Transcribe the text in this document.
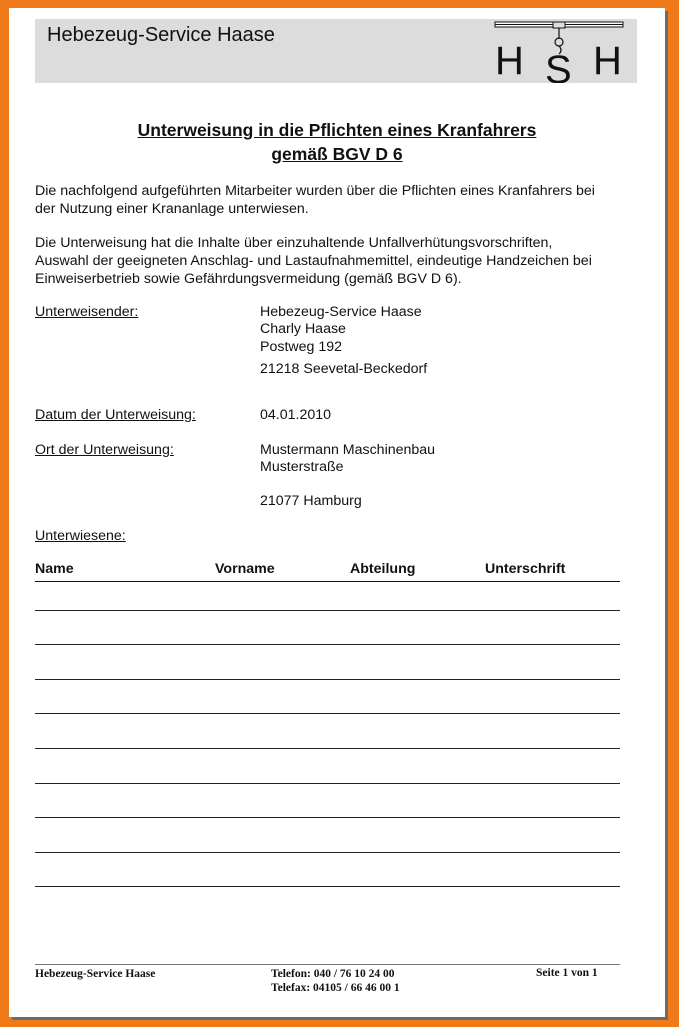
Hebezeug-Service Haase
H S H
Unterweisung in die Pflichten eines Kranfahrers
gemäß BGV D 6
Die nachfolgend aufgeführten Mitarbeiter wurden über die Pflichten eines Kranfahrers bei
der Nutzung einer Krananlage unterwiesen.
Die Unterweisung hat die Inhalte über einzuhaltende Unfallverhütungsvorschriften,
Auswahl der geeigneten Anschlag- und Lastaufnahmemittel, eindeutige Handzeichen bei
Einweiserbetrieb sowie Gefährdungsvermeidung (gemäß BGV D 6).
Unterweisender:	Hebezeug-Service Haase
Charly Haase
Postweg 192
21218 Seevetal-Beckedorf
Datum der Unterweisung:	04.01.2010
Ort der Unterweisung:	Mustermann Maschinenbau
Musterstraße
21077 Hamburg
Unterwiesene:
Name	Vorname	Abteilung	Unterschrift
Hebezeug-Service Haase	Telefon: 040 / 76 10 24 00
Telefax: 04105 / 66 46 00 1
Seite 1 von 1
